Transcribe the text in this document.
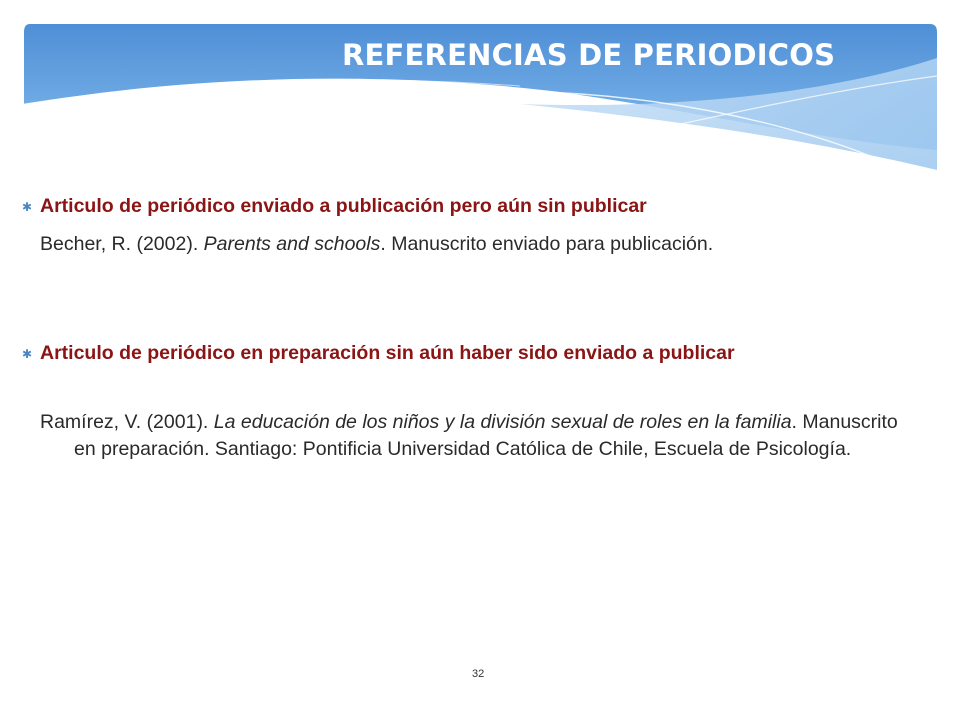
REFERENCIAS DE PERIODICOS
✱ Articulo de periódico enviado a publicación pero aún sin publicar

Becher, R. (2002). Parents and schools. Manuscrito enviado para publicación.

✱ Articulo de periódico en preparación sin aún haber sido enviado a publicar

Ramírez, V. (2001). La educación de los niños y la división sexual de roles en la familia. Manuscrito en preparación. Santiago: Pontificia Universidad Católica de Chile, Escuela de Psicología.

32
